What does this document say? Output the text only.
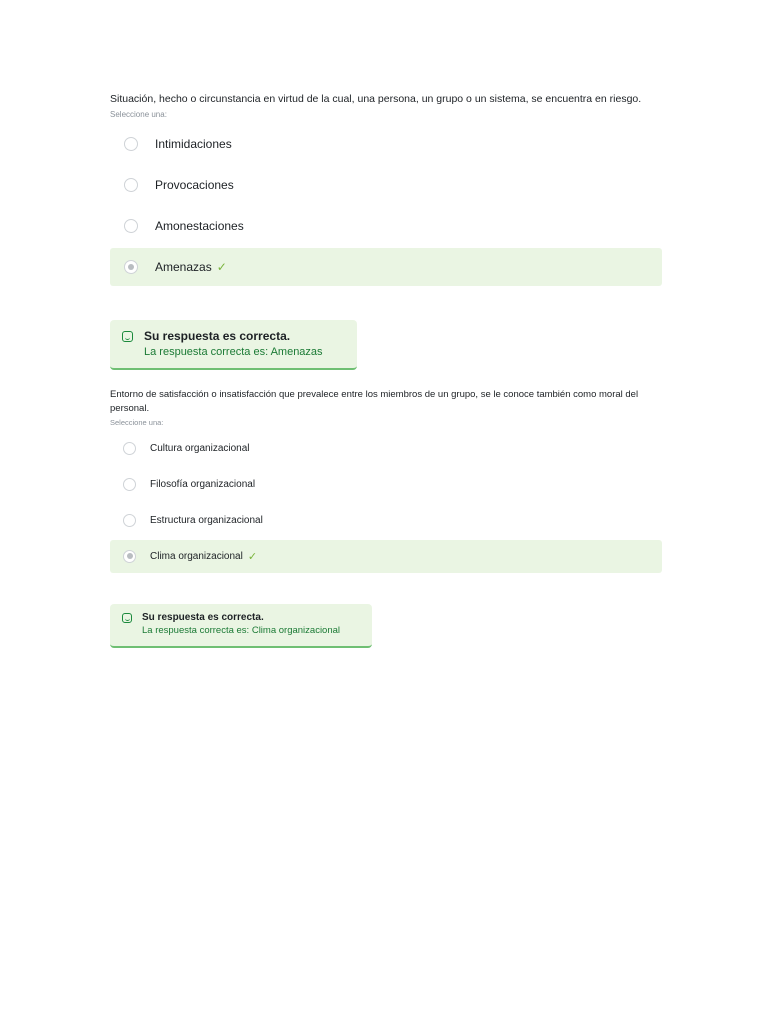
Situación, hecho o circunstancia en virtud de la cual, una persona, un grupo o un sistema, se encuentra en riesgo.

Seleccione una:
Intimidaciones
Provocaciones
Amonestaciones
Amenazas ✓
Su respuesta es correcta.
La respuesta correcta es: Amenazas

Entorno de satisfacción o insatisfacción que prevalece entre los miembros de un grupo, se le conoce también como moral del personal.

Seleccione una:
Cultura organizacional
Filosofía organizacional
Estructura organizacional
Clima organizacional ✓
Su respuesta es correcta.
La respuesta correcta es: Clima organizacional
